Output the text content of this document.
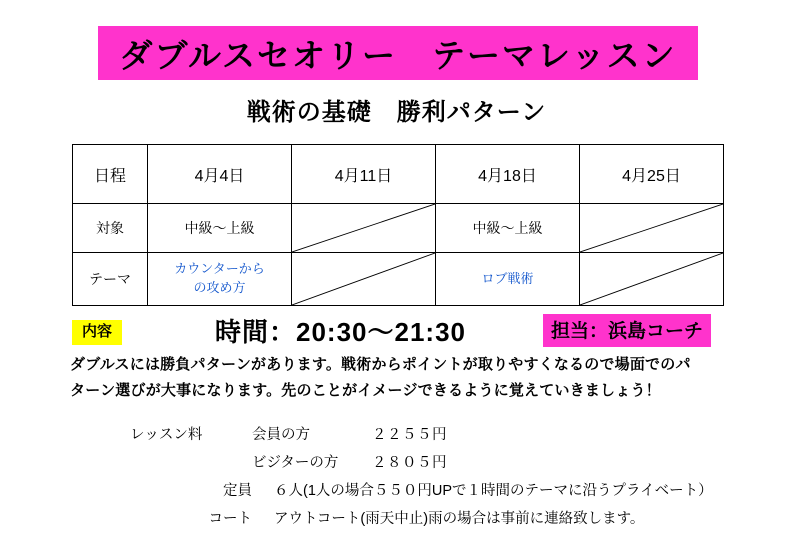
ダブルスセオリー　テーマレッスン
戦術の基礎　勝利パターン
日程	4月4日	4月11日	4月18日	4月25日
対象	中級〜上級		中級〜上級	

テーマ	カウンターから
の攻め方		ロブ戦術

内容	時間：20:30〜21:30	担当：浜島コーチ
ダブルスには勝負パターンがあります。戦術からポイントが取りやすくなるので場面でのパ
ターン選びが大事になります。先のことがイメージできるように覚えていきましょう！
レッスン料	会員の方	２２５５円
ビジターの方	２８０５円
定員 ６人(1人の場合５５０円UPで１時間のテーマに沿うプライベート）
コート アウトコート(雨天中止)雨の場合は事前に連絡致します。
